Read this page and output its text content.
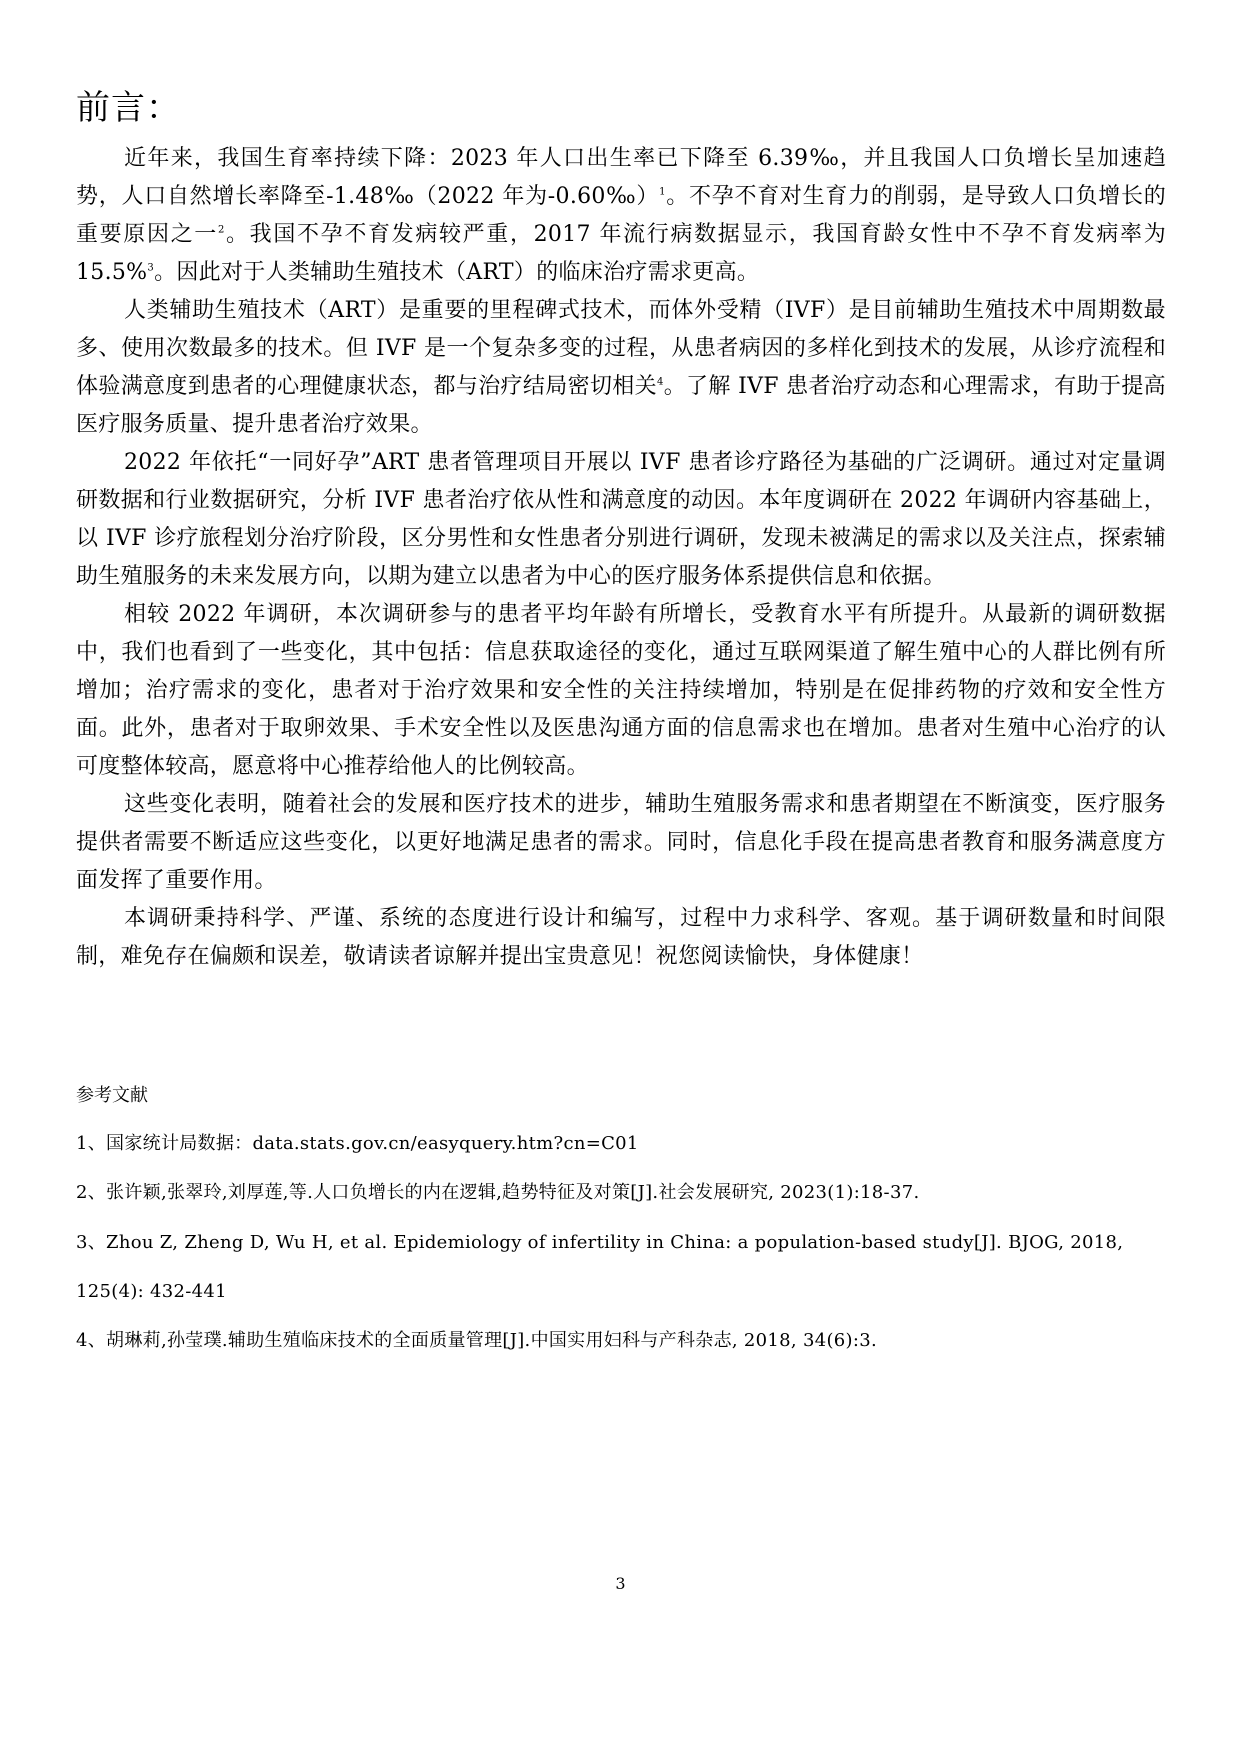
前言：

近年来，我国生育率持续下降：2023 年人口出生率已下降至 6.39‰，并且我国人口负增长呈加速趋势，人口自然增长率降至-1.48‰（2022 年为-0.60‰）$^1$。不孕不育对生育力的削弱，是导致人口负增长的重要原因之一$^2$。我国不孕不育发病较严重，2017 年流行病数据显示，我国育龄女性中不孕不育发病率为 15.5%$^3$。因此对于人类辅助生殖技术（ART）的临床治疗需求更高。

人类辅助生殖技术（ART）是重要的里程碑式技术，而体外受精（IVF）是目前辅助生殖技术中周期数最多、使用次数最多的技术。但 IVF 是一个复杂多变的过程，从患者病因的多样化到技术的发展，从诊疗流程和体验满意度到患者的心理健康状态，都与治疗结局密切相关$^4$。了解 IVF 患者治疗动态和心理需求，有助于提高医疗服务质量、提升患者治疗效果。

2022 年依托“一同好孕”ART 患者管理项目开展以 IVF 患者诊疗路径为基础的广泛调研。通过对定量调研数据和行业数据研究，分析 IVF 患者治疗依从性和满意度的动因。本年度调研在 2022 年调研内容基础上，以 IVF 诊疗旅程划分治疗阶段，区分男性和女性患者分别进行调研，发现未被满足的需求以及关注点，探索辅助生殖服务的未来发展方向，以期为建立以患者为中心的医疗服务体系提供信息和依据。

相较 2022 年调研，本次调研参与的患者平均年龄有所增长，受教育水平有所提升。从最新的调研数据中，我们也看到了一些变化，其中包括：信息获取途径的变化，通过互联网渠道了解生殖中心的人群比例有所增加；治疗需求的变化，患者对于治疗效果和安全性的关注持续增加，特别是在促排药物的疗效和安全性方面。此外，患者对于取卵效果、手术安全性以及医患沟通方面的信息需求也在增加。患者对生殖中心治疗的认可度整体较高，愿意将中心推荐给他人的比例较高。

这些变化表明，随着社会的发展和医疗技术的进步，辅助生殖服务需求和患者期望在不断演变，医疗服务提供者需要不断适应这些变化，以更好地满足患者的需求。同时，信息化手段在提高患者教育和服务满意度方面发挥了重要作用。

本调研秉持科学、严谨、系统的态度进行设计和编写，过程中力求科学、客观。基于调研数量和时间限制，难免存在偏颇和误差，敬请读者谅解并提出宝贵意见！祝您阅读愉快，身体健康！

参考文献
1、国家统计局数据：data.stats.gov.cn/easyquery.htm?cn=C01
2、张许颖,张翠玲,刘厚莲,等.人口负增长的内在逻辑,趋势特征及对策[J].社会发展研究, 2023(1):18-37.
3、Zhou Z, Zheng D, Wu H, et al. Epidemiology of infertility in China: a population-based study[J]. BJOG, 2018, 125(4): 432-441
4、胡琳莉,孙莹璞.辅助生殖临床技术的全面质量管理[J].中国实用妇科与产科杂志, 2018, 34(6):3.
3
